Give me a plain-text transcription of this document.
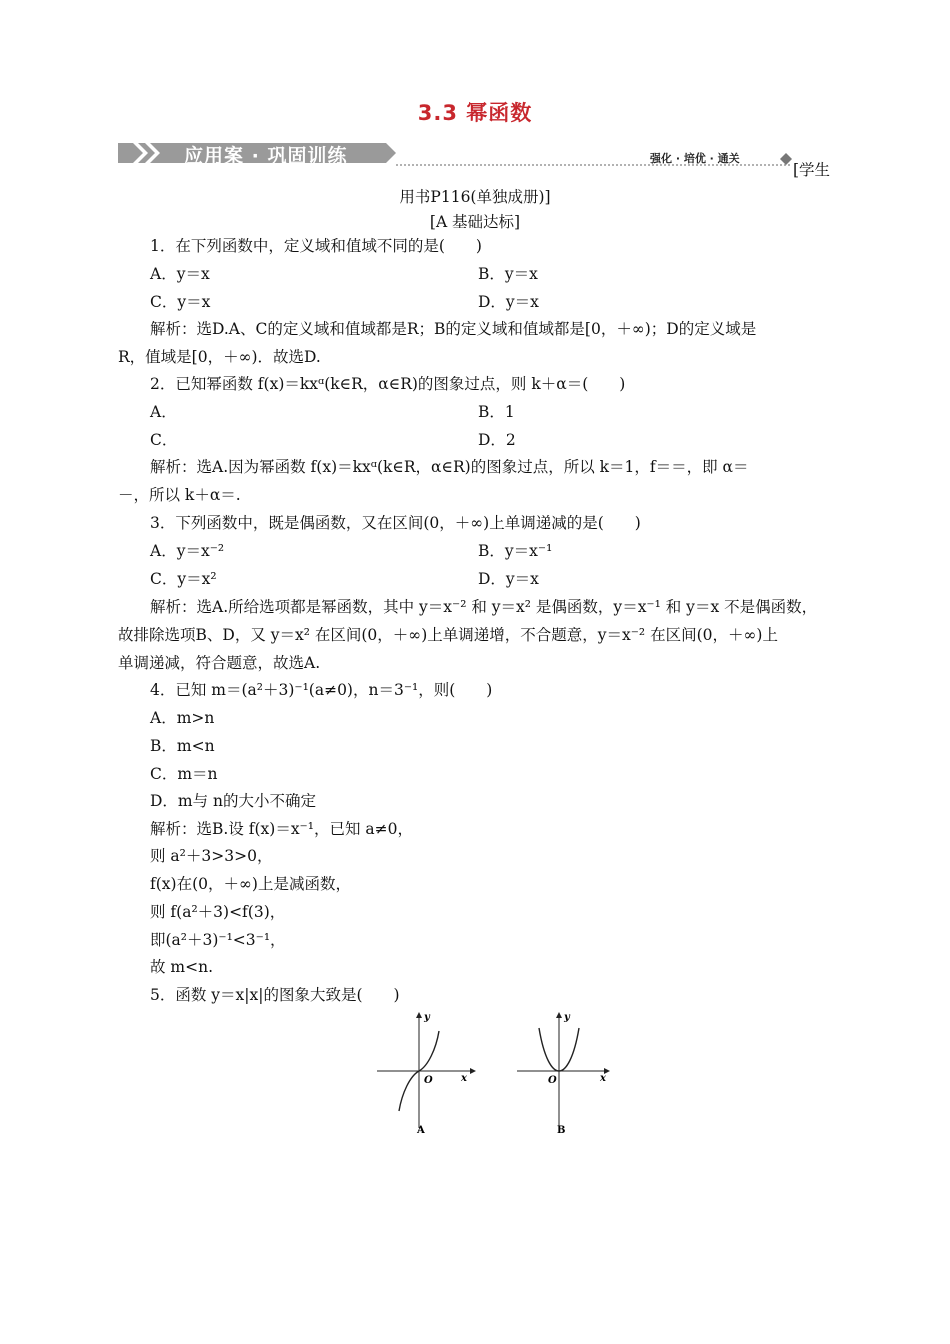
3.3 幂函数
应用案 · 巩固训练	强化 · 培优 · 通关
[学生
用书P116(单独成册)]
[A 基础达标]
1．在下列函数中，定义域和值域不同的是(　　)
A．y＝x	B．y＝x
C．y＝x	D．y＝x
解析：选D.A、C的定义域和值域都是R；B的定义域和值域都是[0，＋∞)；D的定义域是
R，值域是[0，＋∞)．故选D.
2．已知幂函数 f(x)＝kxᵅ(k∈R，α∈R)的图象过点，则 k＋α＝(　　)
A．	B．1
C．	D．2
解析：选A.因为幂函数 f(x)＝kxᵅ(k∈R，α∈R)的图象过点，所以 k＝1，f＝＝，即 α＝
－，所以 k＋α＝.
3．下列函数中，既是偶函数，又在区间(0，＋∞)上单调递减的是(　　)
A．y＝x⁻²	B．y＝x⁻¹
C．y＝x²	D．y＝x
解析：选A.所给选项都是幂函数，其中 y＝x⁻² 和 y＝x² 是偶函数，y＝x⁻¹ 和 y＝x 不是偶函数，
故排除选项B、D，又 y＝x² 在区间(0，＋∞)上单调递增，不合题意，y＝x⁻² 在区间(0，＋∞)上
单调递减，符合题意，故选A.
4．已知 m＝(a²＋3)⁻¹(a≠0)，n＝3⁻¹，则(　　)
A．m>n
B．m<n
C．m＝n
D．m与 n的大小不确定
解析：选B.设 f(x)＝x⁻¹，已知 a≠0，
则 a²＋3>3>0，
f(x)在(0，＋∞)上是减函数，
则 f(a²＋3)<f(3)，
即(a²＋3)⁻¹<3⁻¹，
故 m<n.
5．函数 y＝x|x|的图象大致是(　　)
y
x
O
A
y
x
O
B
